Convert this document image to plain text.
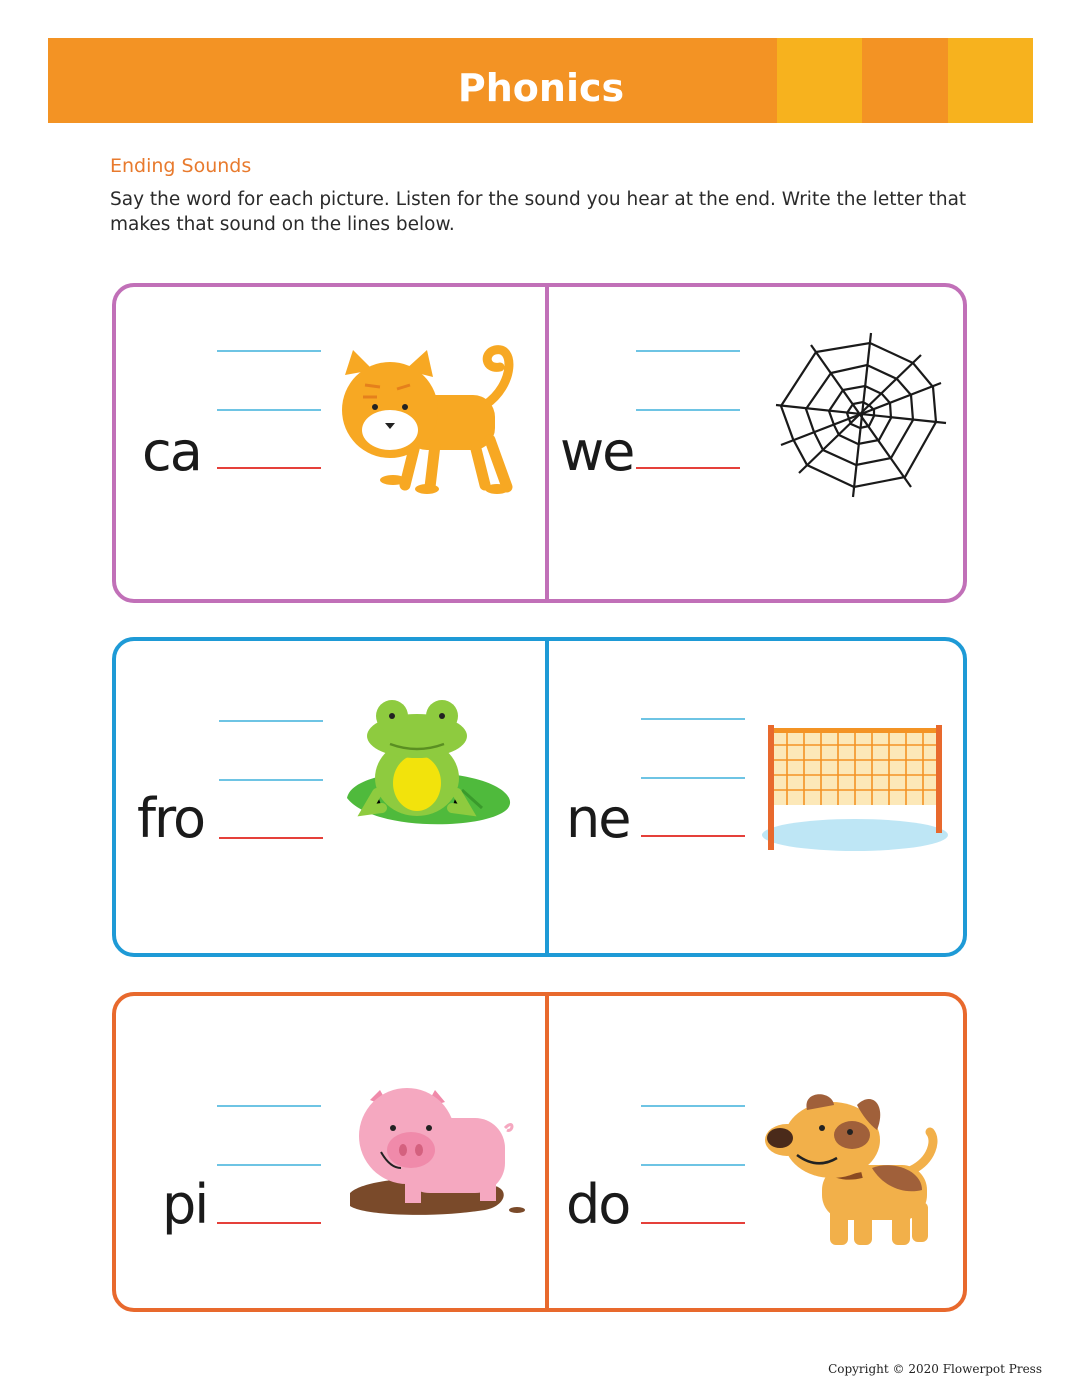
Phonics
Ending Sounds
Say the word for each picture. Listen for the sound you hear at the end. Write the letter that makes that sound on the lines below.
ca	we
fro	ne
pi	do
Copyright © 2020 Flowerpot Press
